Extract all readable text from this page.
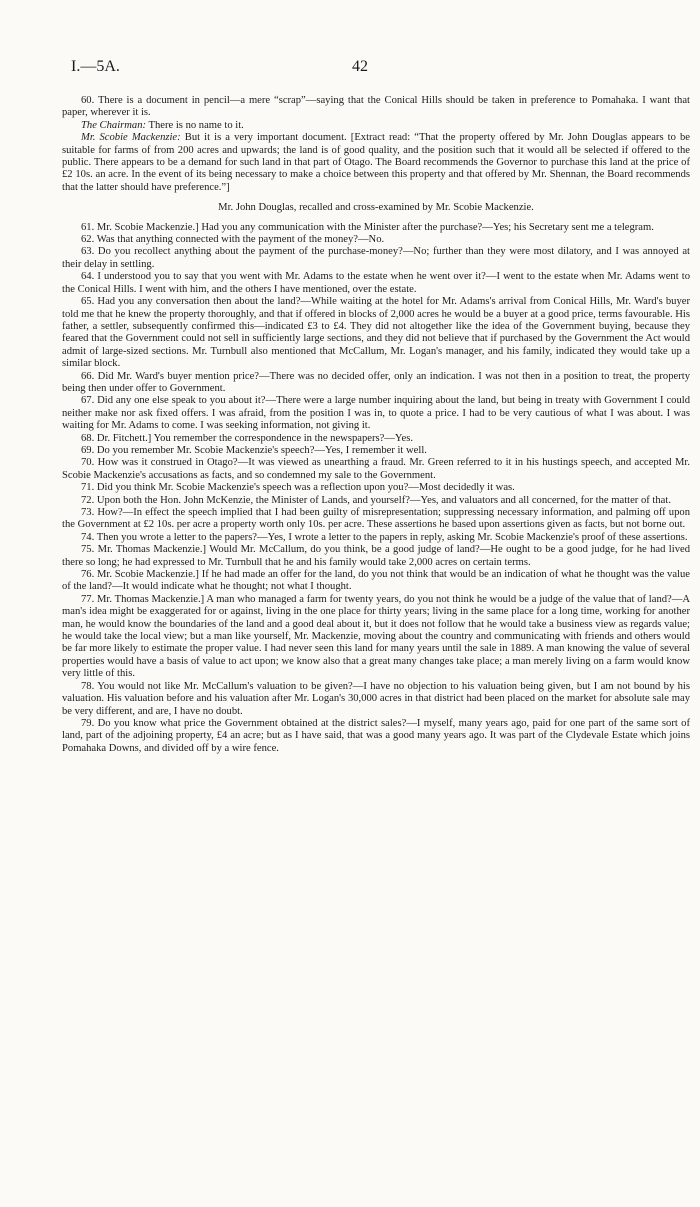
I.—5A.	42

60. There is a document in pencil—a mere “scrap”—saying that the Conical Hills should be taken in preference to Pomahaka. I want that paper, wherever it is.

The Chairman: There is no name to it.

Mr. Scobie Mackenzie: But it is a very important document. [Extract read: “That the property offered by Mr. John Douglas appears to be suitable for farms of from 200 acres and upwards; the land is of good quality, and the position such that it would all be selected if offered to the public. There appears to be a demand for such land in that part of Otago. The Board recommends the Governor to purchase this land at the price of £2 10s. an acre. In the event of its being necessary to make a choice between this property and that offered by Mr. Shennan, the Board recommends that the latter should have preference.”]

Mr. John Douglas, recalled and cross-examined by Mr. Scobie Mackenzie.

61. Mr. Scobie Mackenzie.] Had you any communication with the Minister after the purchase?—Yes; his Secretary sent me a telegram.

62. Was that anything connected with the payment of the money?—No.

63. Do you recollect anything about the payment of the purchase-money?—No; further than they were most dilatory, and I was annoyed at their delay in settling.

64. I understood you to say that you went with Mr. Adams to the estate when he went over it?—I went to the estate when Mr. Adams went to the Conical Hills. I went with him, and the others I have mentioned, over the estate.

65. Had you any conversation then about the land?—While waiting at the hotel for Mr. Adams's arrival from Conical Hills, Mr. Ward's buyer told me that he knew the property thoroughly, and that if offered in blocks of 2,000 acres he would be a buyer at a good price, terms favourable. His father, a settler, subsequently confirmed this—indicated £3 to £4. They did not altogether like the idea of the Government buying, because they feared that the Government could not sell in sufficiently large sections, and they did not believe that if purchased by the Government the Act would admit of large-sized sections. Mr. Turnbull also mentioned that McCallum, Mr. Logan's manager, and his family, indicated they would take up a similar block.

66. Did Mr. Ward's buyer mention price?—There was no decided offer, only an indication. I was not then in a position to treat, the property being then under offer to Government.

67. Did any one else speak to you about it?—There were a large number inquiring about the land, but being in treaty with Government I could neither make nor ask fixed offers. I was afraid, from the position I was in, to quote a price. I had to be very cautious of what I was about. I was waiting for Mr. Adams to come. I was seeking information, not giving it.

68. Dr. Fitchett.] You remember the correspondence in the newspapers?—Yes.

69. Do you remember Mr. Scobie Mackenzie's speech?—Yes, I remember it well.

70. How was it construed in Otago?—It was viewed as unearthing a fraud. Mr. Green referred to it in his hustings speech, and accepted Mr. Scobie Mackenzie's accusations as facts, and so condemned my sale to the Government.

71. Did you think Mr. Scobie Mackenzie's speech was a reflection upon you?—Most decidedly it was.

72. Upon both the Hon. John McKenzie, the Minister of Lands, and yourself?—Yes, and valuators and all concerned, for the matter of that.

73. How?—In effect the speech implied that I had been guilty of misrepresentation; suppressing necessary information, and palming off upon the Government at £2 10s. per acre a property worth only 10s. per acre. These assertions he based upon assertions given as facts, but not borne out.

74. Then you wrote a letter to the papers?—Yes, I wrote a letter to the papers in reply, asking Mr. Scobie Mackenzie's proof of these assertions.

75. Mr. Thomas Mackenzie.] Would Mr. McCallum, do you think, be a good judge of land?—He ought to be a good judge, for he had lived there so long; he had expressed to Mr. Turnbull that he and his family would take 2,000 acres on certain terms.

76. Mr. Scobie Mackenzie.] If he had made an offer for the land, do you not think that would be an indication of what he thought was the value of the land?—It would indicate what he thought; not what I thought.

77. Mr. Thomas Mackenzie.] A man who managed a farm for twenty years, do you not think he would be a judge of the value that of land?—A man's idea might be exaggerated for or against, living in the one place for thirty years; living in the same place for a long time, working for another man, he would know the boundaries of the land and a good deal about it, but it does not follow that he would take a business view as regards value; he would take the local view; but a man like yourself, Mr. Mackenzie, moving about the country and communicating with friends and others would be far more likely to estimate the proper value. I had never seen this land for many years until the sale in 1889. A man knowing the value of several properties would have a basis of value to act upon; we know also that a great many changes take place; a man merely living on a farm would know very little of this.

78. You would not like Mr. McCallum's valuation to be given?—I have no objection to his valuation being given, but I am not bound by his valuation. His valuation before and his valuation after Mr. Logan's 30,000 acres in that district had been placed on the market for absolute sale may be very different, and are, I have no doubt.

79. Do you know what price the Government obtained at the district sales?—I myself, many years ago, paid for one part of the same sort of land, part of the adjoining property, £4 an acre; but as I have said, that was a good many years ago. It was part of the Clydevale Estate which joins Pomahaka Downs, and divided off by a wire fence.
